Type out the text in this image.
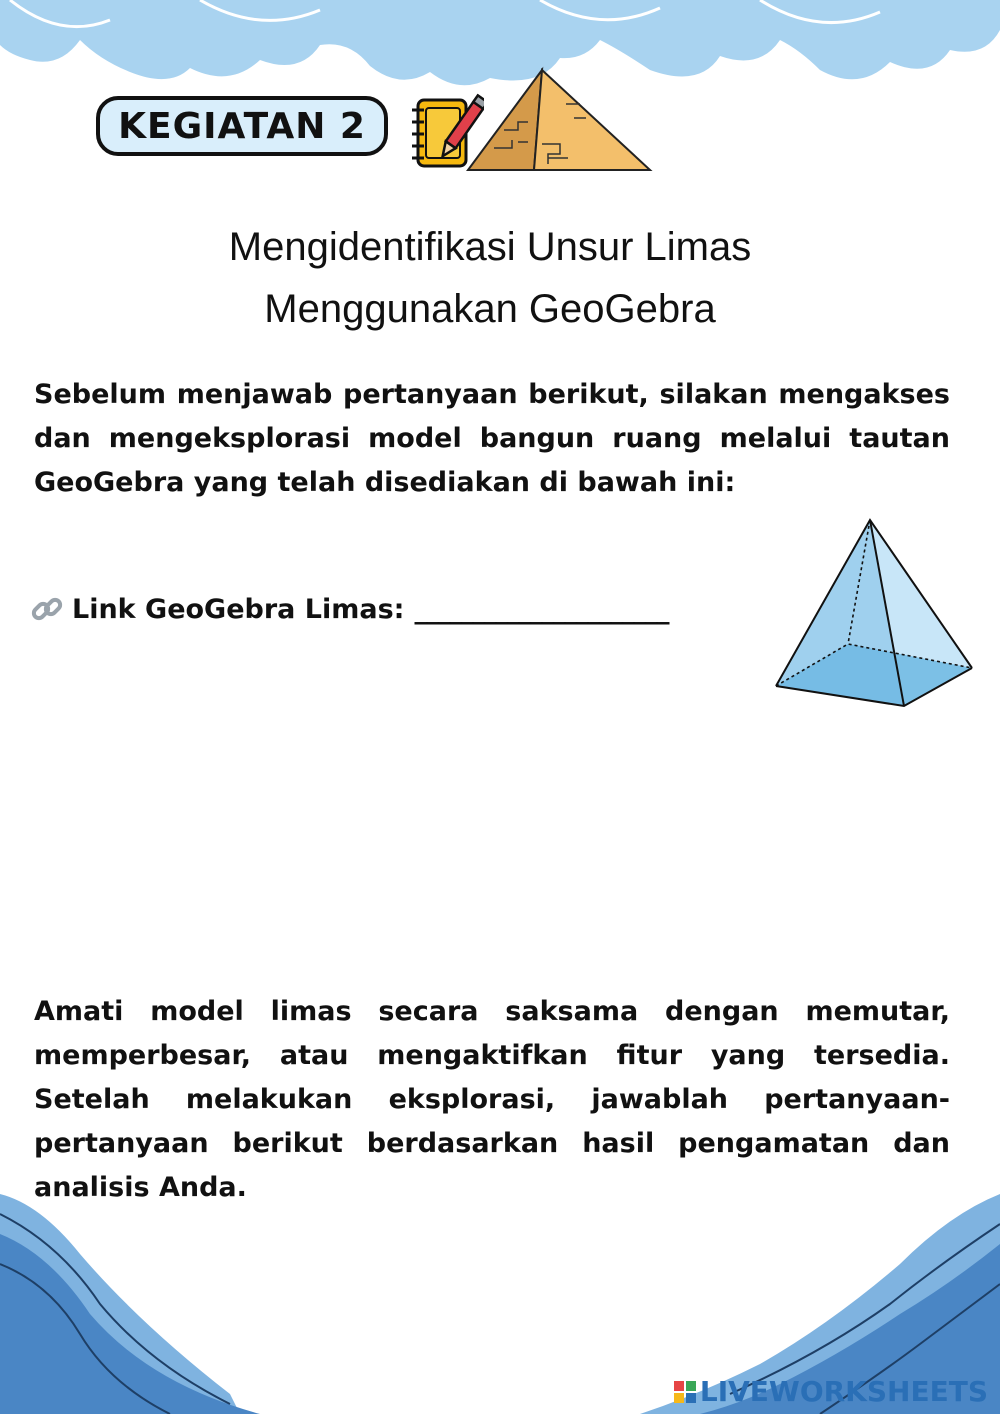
KEGIATAN 2
Mengidentifikasi Unsur Limas
Menggunakan GeoGebra
Sebelum menjawab pertanyaan berikut, silakan mengakses dan mengeksplorasi model bangun ruang melalui tautan GeoGebra yang telah disediakan di bawah ini:
Link GeoGebra Limas: ______________________
Amati model limas secara saksama dengan memutar, memperbesar, atau mengaktifkan fitur yang tersedia. Setelah melakukan eksplorasi, jawablah pertanyaan-pertanyaan berikut berdasarkan hasil pengamatan dan analisis Anda.
LIVEWORKSHEETS
